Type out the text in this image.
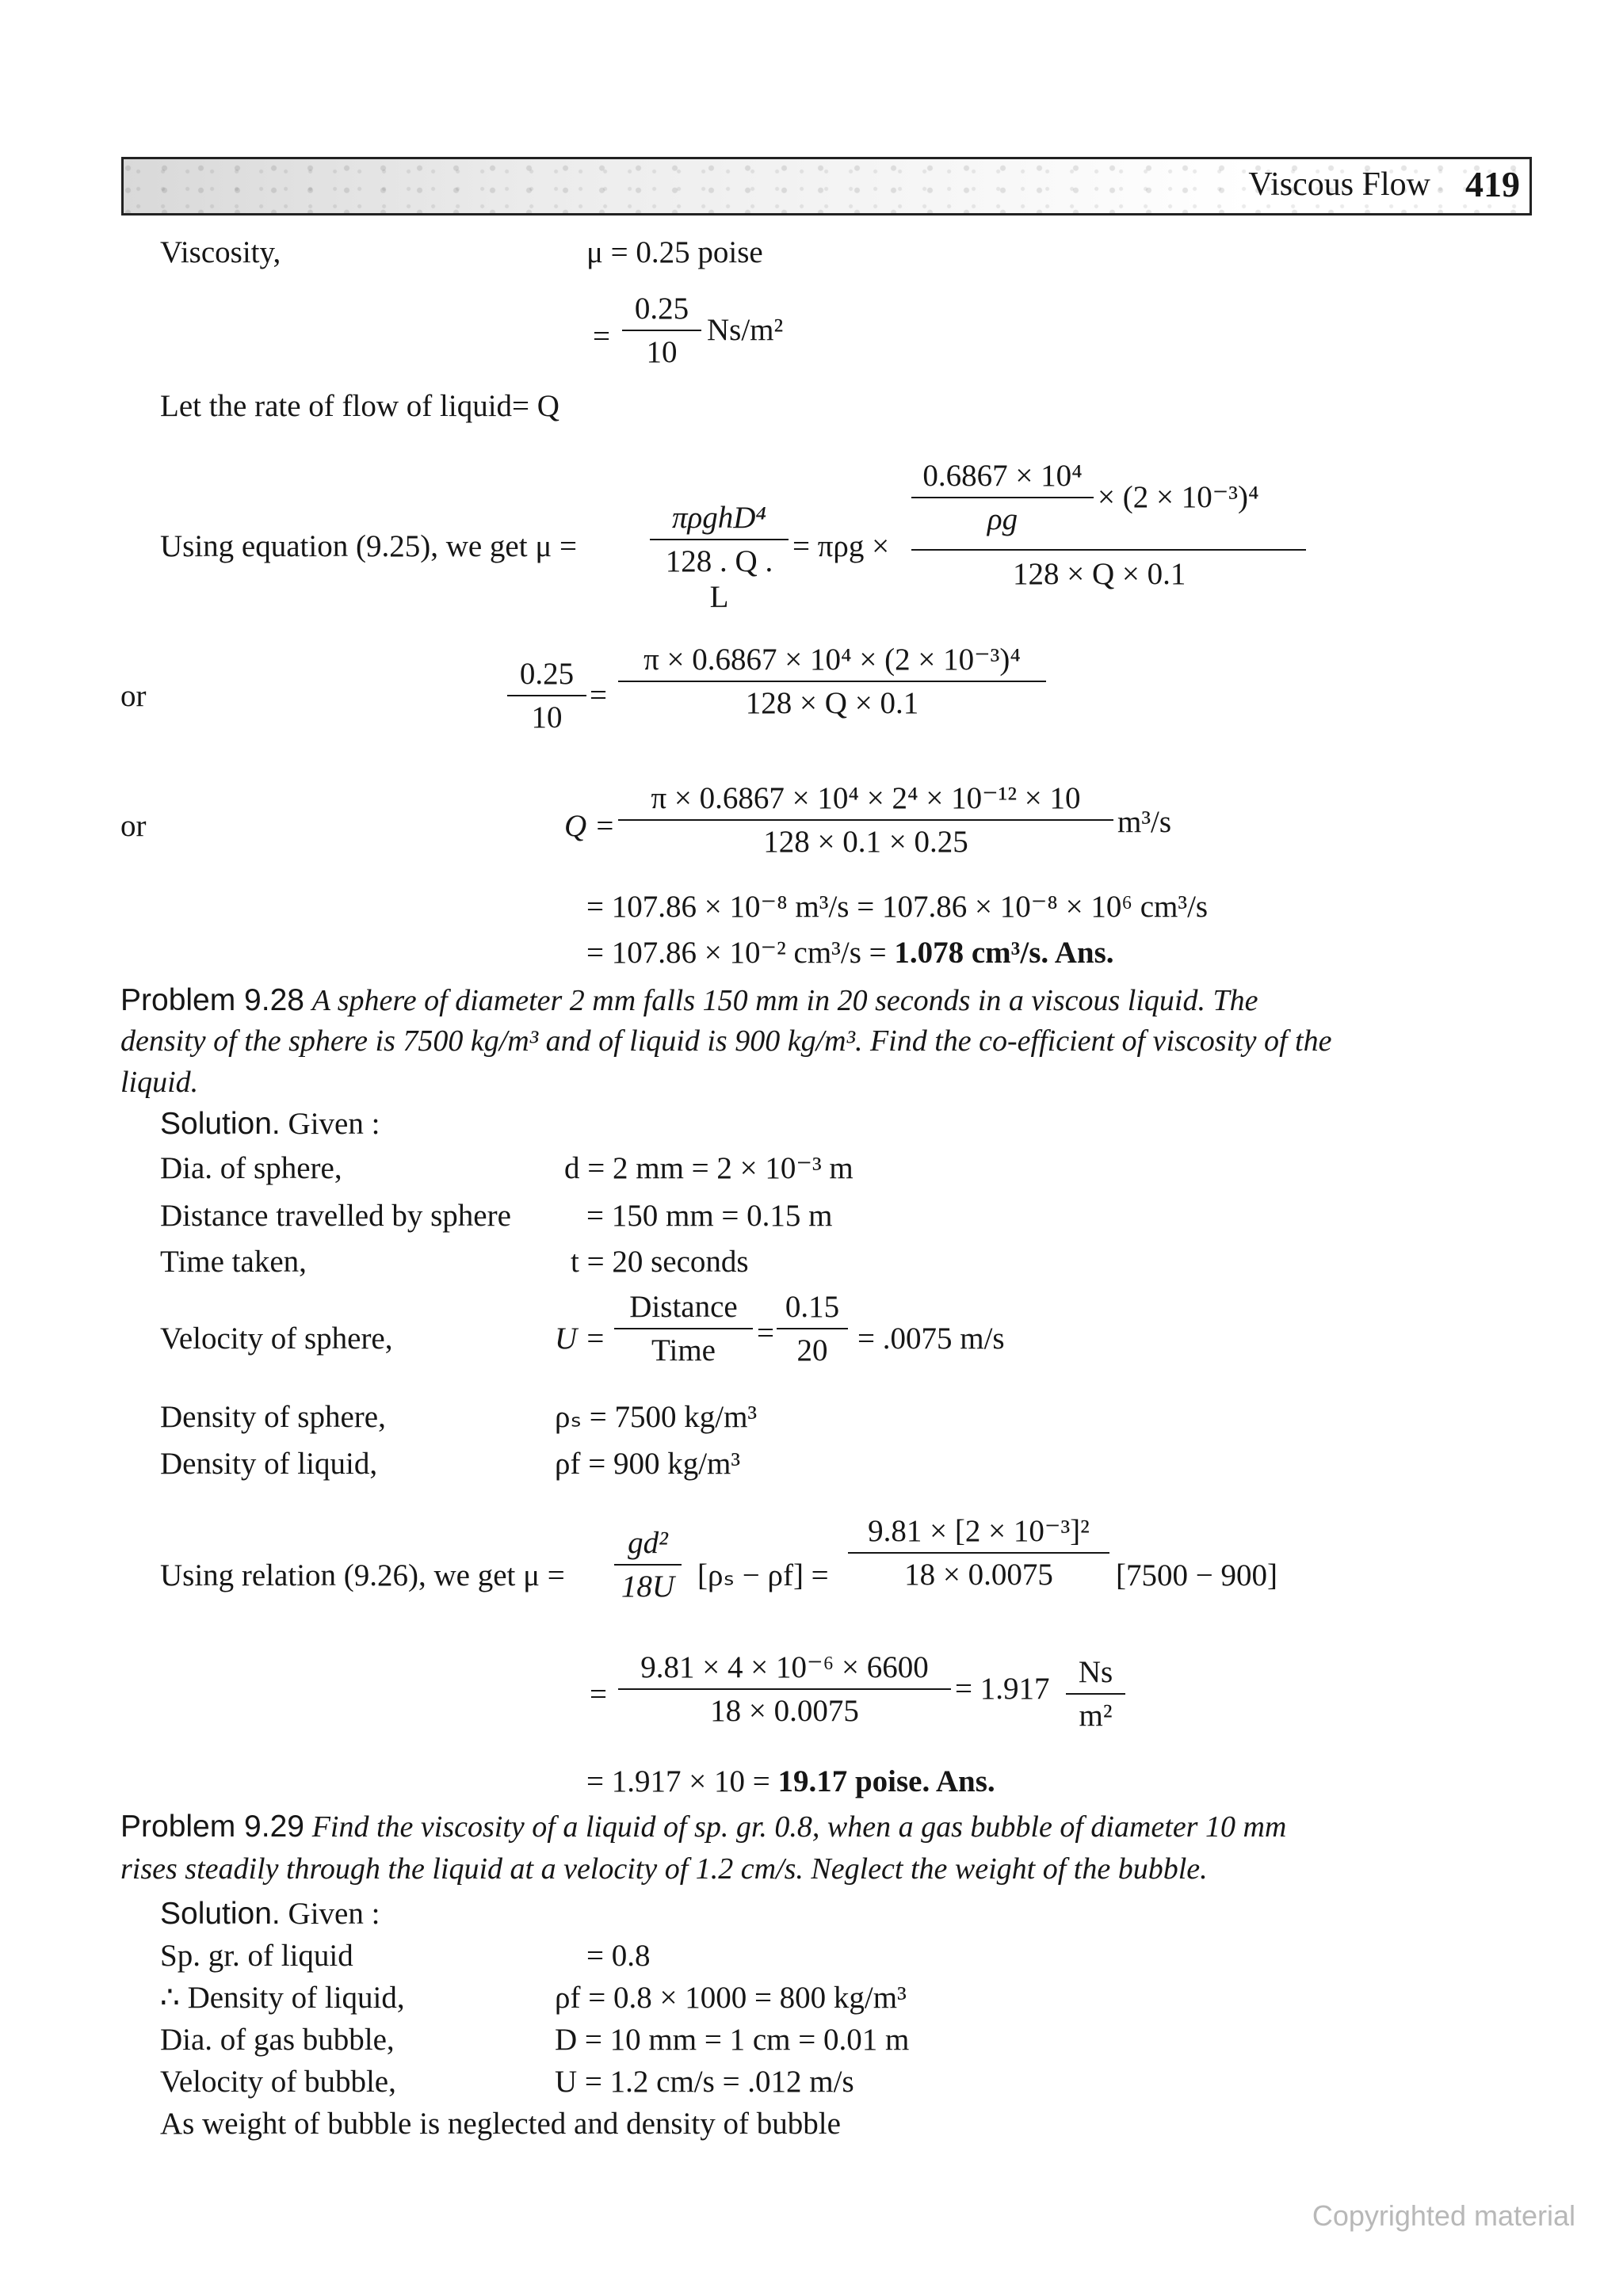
Viscous Flow 419
Viscosity,	μ = 0.25 poise
=
0.25
10
Ns/m²
Let the rate of flow of liquid= Q
Using equation (9.25), we get μ =
πρghD⁴
128 . Q . L
= πρg ×
0.6867 × 10⁴
ρg
× (2 × 10⁻³)⁴
128 × Q × 0.1
or
0.25
10
=
π × 0.6867 × 10⁴ × (2 × 10⁻³)⁴
128 × Q × 0.1
or	Q =
π × 0.6867 × 10⁴ × 2⁴ × 10⁻¹² × 10
128 × 0.1 × 0.25
m³/s
= 107.86 × 10⁻⁸ m³/s = 107.86 × 10⁻⁸ × 10⁶ cm³/s
= 107.86 × 10⁻² cm³/s = 1.078 cm³/s. Ans.
Problem 9.28 A sphere of diameter 2 mm falls 150 mm in 20 seconds in a viscous liquid. The
density of the sphere is 7500 kg/m³ and of liquid is 900 kg/m³. Find the co-efficient of viscosity of the
liquid.
Solution. Given :
Dia. of sphere,	d = 2 mm = 2 × 10⁻³ m
Distance travelled by sphere = 150 mm = 0.15 m
Time taken,	t = 20 seconds
Velocity of sphere,	U =
Distance
Time
=
0.15
20 = .0075 m/s
Density of sphere,	ρₛ = 7500 kg/m³
Density of liquid,	ρf = 900 kg/m³
Using relation (9.26), we get μ =
gd²
18U [ρₛ − ρf] =
9.81 × [2 × 10⁻³]²
18 × 0.0075	[7500 − 900]
=
9.81 × 4 × 10⁻⁶ × 6600
18 × 0.0075
= 1.917 Ns
m²
= 1.917 × 10 = 19.17 poise. Ans.
Problem 9.29 Find the viscosity of a liquid of sp. gr. 0.8, when a gas bubble of diameter 10 mm
rises steadily through the liquid at a velocity of 1.2 cm/s. Neglect the weight of the bubble.
Solution. Given :
Sp. gr. of liquid	= 0.8
∴ Density of liquid,	ρf = 0.8 × 1000 = 800 kg/m³
Dia. of gas bubble,	D = 10 mm = 1 cm = 0.01 m
Velocity of bubble,	U = 1.2 cm/s = .012 m/s
As weight of bubble is neglected and density of bubble
Copyrighted material
